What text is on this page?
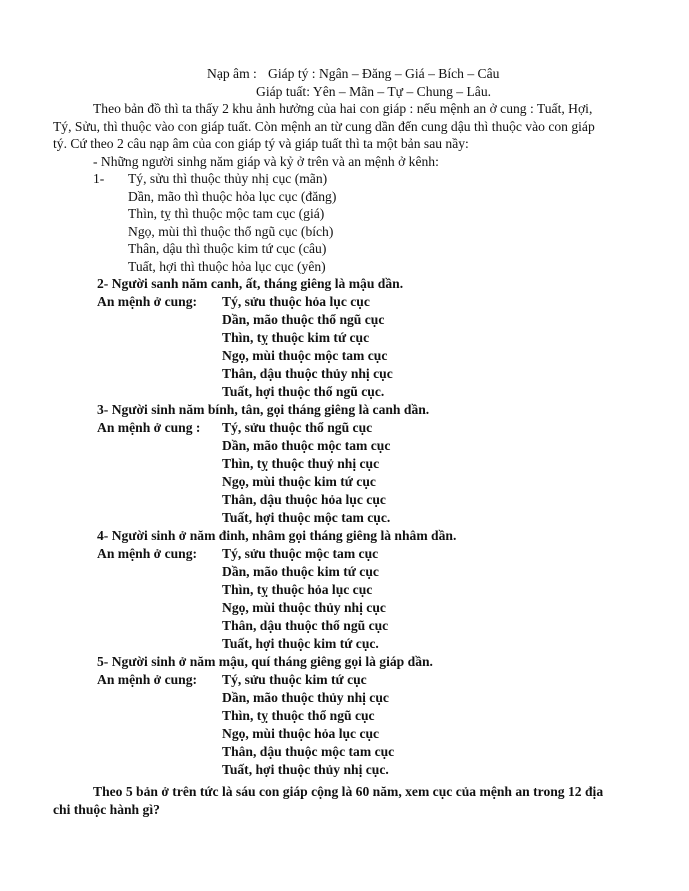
Nạp âm : Giáp tý : Ngân – Đăng – Giá – Bích – Câu
Giáp tuất: Yên – Mãn – Tự – Chung – Lâu.
Theo bản đồ thì ta thấy 2 khu ảnh hưởng của hai con giáp : nếu mệnh an ở cung : Tuất, Hợi,
Tý, Sửu, thì thuộc vào con giáp tuất. Còn mệnh an từ cung dần đến cung dậu thì thuộc vào con giáp
tý. Cứ theo 2 câu nạp âm của con giáp tý và giáp tuất thì ta một bản sau nầy:
- Những người sinhg năm giáp và kỷ ở trên và an mệnh ở kênh:
1- Tý, sửu thì thuộc thủy nhị cục (mãn)
Dần, mão thì thuộc hỏa lục cục (đăng)
Thìn, tỵ thì thuộc mộc tam cục (giá)
Ngọ, mùi thì thuộc thổ ngũ cục (bích)
Thân, dậu thì thuộc kim tứ cục (câu)
Tuất, hợi thì thuộc hỏa lục cục (yên)
2- Người sanh năm canh, ất, tháng giêng là mậu dần.
An mệnh ở cung: Tý, sửu thuộc hỏa lục cục
Dần, mão thuộc thổ ngũ cục
Thìn, tỵ thuộc kim tứ cục
Ngọ, mùi thuộc mộc tam cục
Thân, dậu thuộc thủy nhị cục
Tuất, hợi thuộc thổ ngũ cục.
3- Người sinh năm bính, tân, gọi tháng giêng là canh dần.
An mệnh ở cung : Tý, sửu thuộc thổ ngũ cục
Dần, mão thuộc mộc tam cục
Thìn, tỵ thuộc thuỷ nhị cục
Ngọ, mùi thuộc kim tứ cục
Thân, dậu thuộc hỏa lục cục
Tuất, hợi thuộc mộc tam cục.
4- Người sinh ở năm đinh, nhâm gọi tháng giêng là nhâm dần.
An mệnh ở cung: Tý, sửu thuộc mộc tam cục
Dần, mão thuộc kim tứ cục
Thìn, tỵ thuộc hỏa lục cục
Ngọ, mùi thuộc thủy nhị cục
Thân, dậu thuộc thổ ngũ cục
Tuất, hợi thuộc kim tứ cục.
5- Người sinh ở năm mậu, quí tháng giêng gọi là giáp dần.
An mệnh ở cung: Tý, sửu thuộc kim tứ cục
Dần, mão thuộc thủy nhị cục
Thìn, tỵ thuộc thổ ngũ cục
Ngọ, mùi thuộc hỏa lục cục
Thân, dậu thuộc mộc tam cục
Tuất, hợi thuộc thủy nhị cục.
Theo 5 bản ở trên tức là sáu con giáp cộng là 60 năm, xem cục của mệnh an trong 12 địa
chi thuộc hành gì?
